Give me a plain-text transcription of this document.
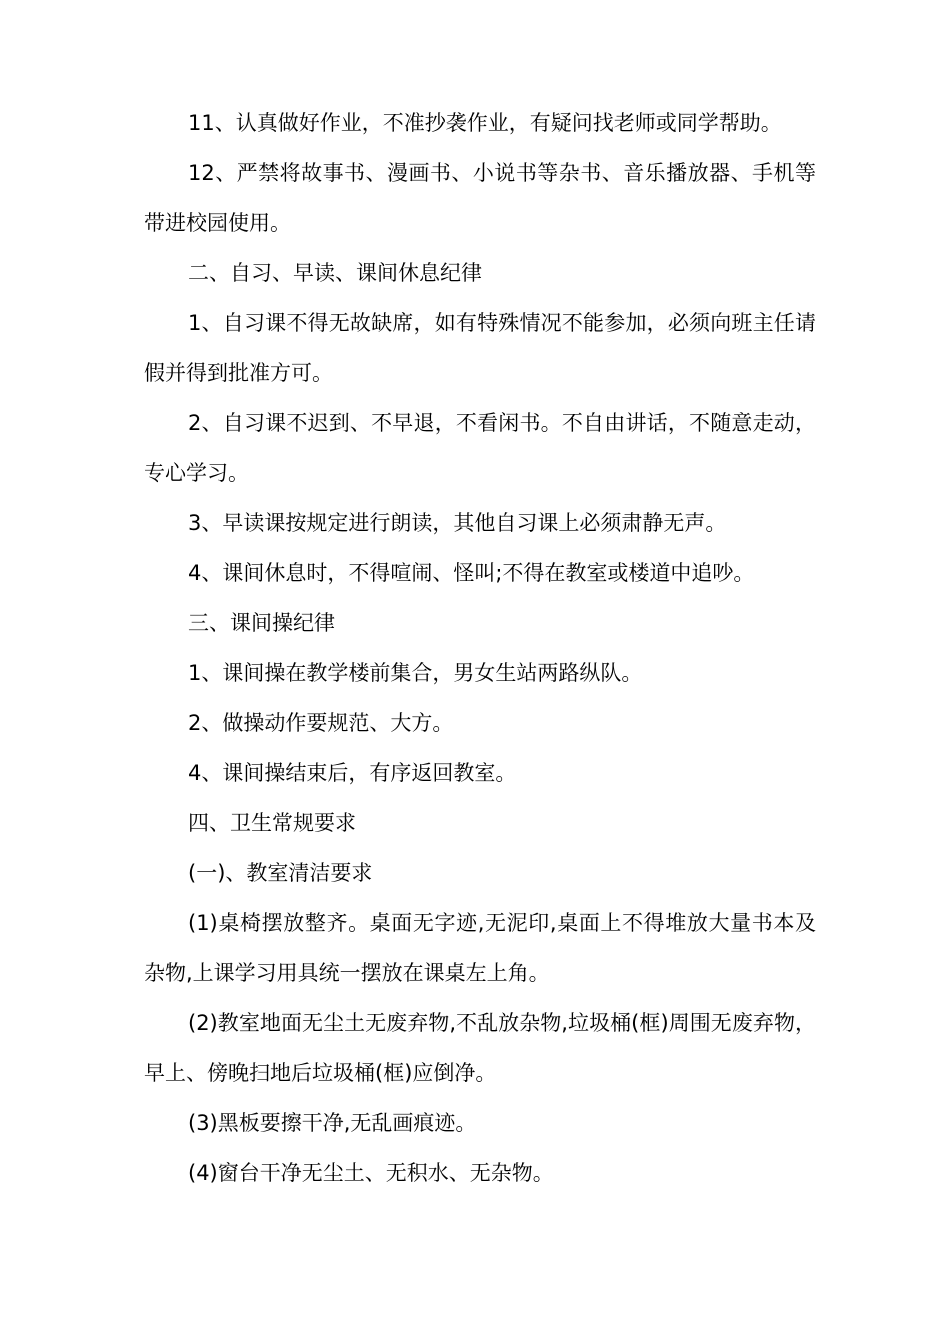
11、认真做好作业，不准抄袭作业，有疑问找老师或同学帮助。

12、严禁将故事书、漫画书、小说书等杂书、音乐播放器、手机等带进校园使用。

二、自习、早读、课间休息纪律

1、自习课不得无故缺席，如有特殊情况不能参加，必须向班主任请假并得到批准方可。

2、自习课不迟到、不早退，不看闲书。不自由讲话，不随意走动，专心学习。

3、早读课按规定进行朗读，其他自习课上必须肃静无声。

4、课间休息时，不得喧闹、怪叫;不得在教室或楼道中追吵。

三、课间操纪律

1、课间操在教学楼前集合，男女生站两路纵队。

2、做操动作要规范、大方。

4、课间操结束后，有序返回教室。

四、卫生常规要求

(一)、教室清洁要求

(1)桌椅摆放整齐。桌面无字迹,无泥印,桌面上不得堆放大量书本及杂物,上课学习用具统一摆放在课桌左上角。

(2)教室地面无尘土无废弃物,不乱放杂物,垃圾桶(框)周围无废弃物，早上、傍晚扫地后垃圾桶(框)应倒净。

(3)黑板要擦干净,无乱画痕迹。

(4)窗台干净无尘土、无积水、无杂物。
